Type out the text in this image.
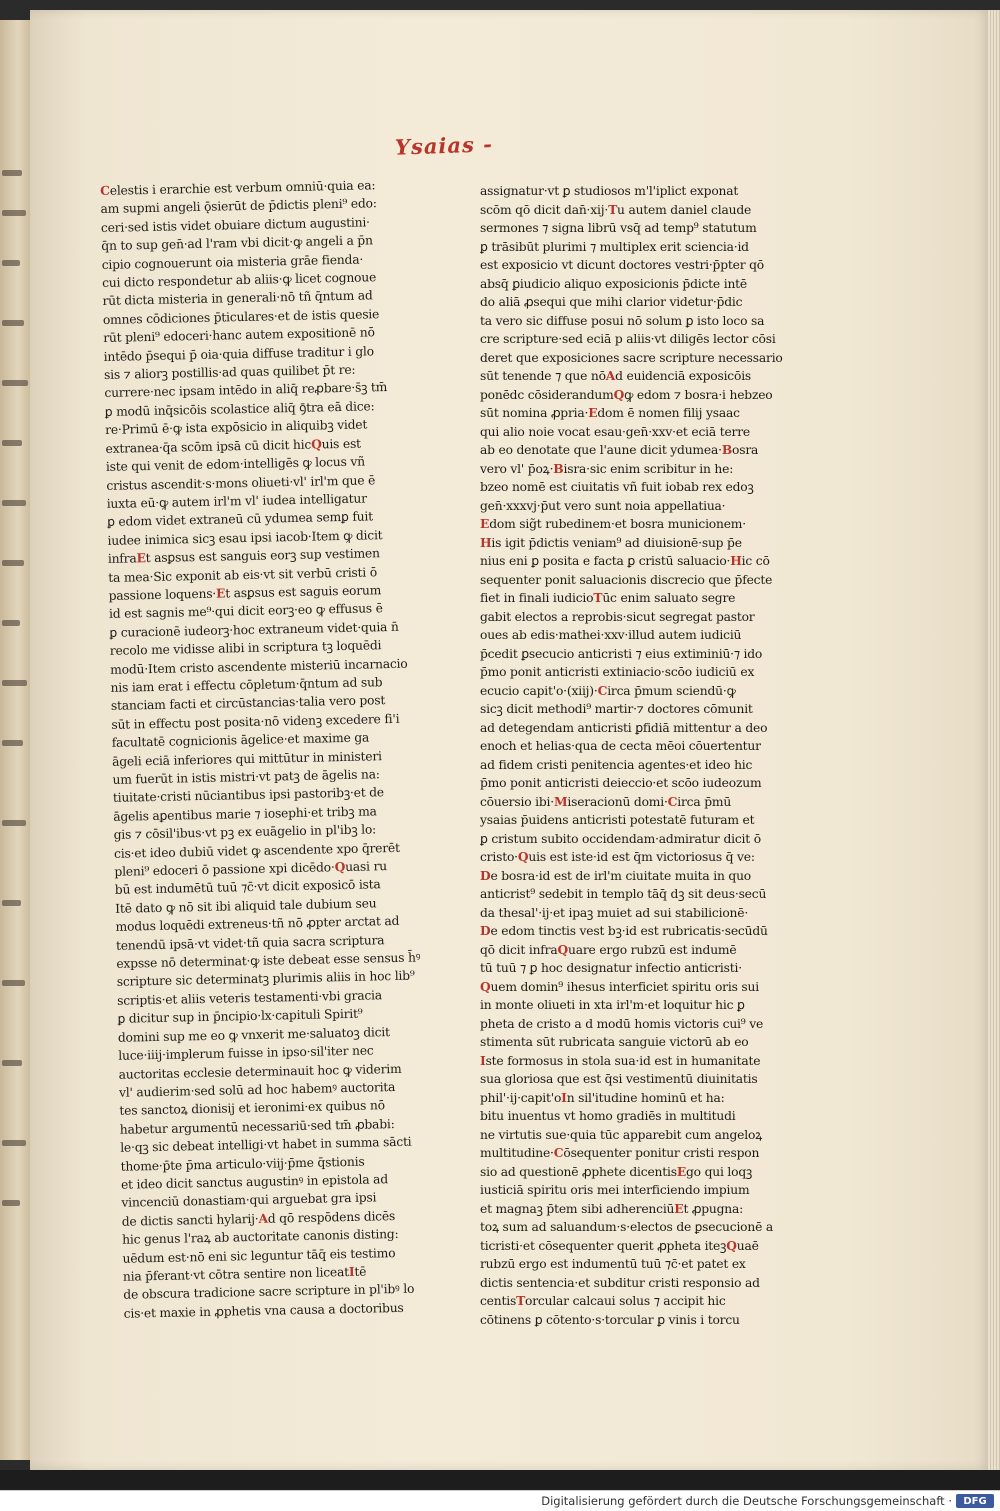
Ysaias -
Celestis i erarchie est verbum omniū·quia ea:
am supmi angeli ǭsierūt de p̄dictis pleni⁹ edo:
ceri·sed istis videt obuiare dictum augustini·
q̄n to sup gen̄·ad l'ram vbi dicit·ꝙ angeli a p̄n
cipio cognouerunt oia misteria grāe fienda·
cui dicto respondetur ab aliis·ꝙ licet cognoue
rūt dicta misteria in generali·nō tñ q̄ntum ad
omnes cōdiciones p̄ticulares·et de istis quesie
rūt pleni⁹ edoceri·hanc autem expositionē nō
intēdo p̄sequi p̄ oia·quia diffuse traditur i glo
sis ⁊ aliorꝫ postillis·ad quas quilibet p̄t re:
currere·nec ipsam intēdo in aliq̄ reꝓbare·s̄ꝫ tm̄
ꝑ modū inq̄sicōis scolastice aliq̄ ꝯ̄tra eā dice:
re·Primū ē·ꝙ ista expōsicio in aliquibꝫ videt
extranea·q̄a scōm ipsā cū dicit hicQuis est
iste qui venit de edom·intelligēs ꝙ locus vñ
cristus ascendit·s·mons oliueti·vl' irl'm que ē
iuxta eū·ꝙ autem irl'm vl' iudea intelligatur
ꝑ edom videt extraneū cū ydumea semꝑ fuit
iudee inimica sicꝫ esau ipsi iacob·Item ꝙ dicit
infraEt asꝑsus est sanguis eorꝫ sup vestimen
ta mea·Sic exponit ab eis·vt sit verbū cristi ō
passione loquens·Et asꝑsus est saguis eorum
id est sagnis me⁹·qui dicit eorꝫ·eo ꝙ effusus ē
ꝑ curacionē iudeorꝫ·hoc extraneum videt·quia n̄
recolo me vidisse alibi in scriptura tꝫ loquēdi
modū·Item cristo ascendente misteriū incarnacio
nis iam erat i effectu cōpletum·q̄ntum ad sub
stanciam facti et circūstancias·talia vero post
sūt in effectu post posita·nō videnꝫ excedere fi'i
facultatē cognicionis āgelice·et maxime ga
āgeli eciā inferiores qui mittūtur in ministeri
um fuerūt in istis mistri·vt patꝫ de āgelis na:
tiuitate·cristi nūciantibus ipsi pastoribꝫ·et de
āgelis aꝑentibus marie ⁊ iosephi·et tribꝫ ma
gis ⁊ cōsil'ibus·vt pꝫ ex euāgelio in pl'ibꝫ lo:
cis·et ideo dubiū videt ꝙ ascendente xpo q̄rerēt
pleni⁹ edoceri ō passione xpi dicēdo·Quasi ru
bū est indumētū tuū ⁊c̄·vt dicit exposicō ista
Itē dato ꝙ nō sit ibi aliquid tale dubium seu
modus loquēdi extreneus·tñ nō ꝓpter arctat ad
tenendū ipsā·vt videt·tñ quia sacra scriptura
expsse nō determinat·ꝙ iste debeat esse sensus h̄ꝰ
scripture sic determinatꝫ plurimis aliis in hoc lib⁹
scriptis·et aliis veteris testamenti·vbi gracia
ꝑ dicitur sup in p̄ncipio·lx·capituli Spirit⁹
domini sup me eo ꝙ vnxerit me·saluatoꝫ dicit
luce·iiij·implerum fuisse in ipso·sil'iter nec
auctoritas ecclesie determinauit hoc ꝙ viderim
vl' audierim·sed solū ad hoc habemꝰ auctorita
tes sanctoꝝ dionisij et ieronimi·ex quibus nō
habetur argumentū necessariū·sed tm̄ ꝓbabi:
le·qꝫ sic debeat intelligi·vt habet in summa sācti
thome·p̄te p̄ma articulo·viij·p̄me q̄stionis
et ideo dicit sanctus augustinꝰ in epistola ad
vincenciū donastiam·qui arguebat gra ipsi
de dictis sancti hylarij·Ad qō respōdens dicēs
hic genus l'raꝝ ab auctoritate canonis disting:
uēdum est·nō eni sic leguntur tāq̄ eis testimo
nia p̄ferant·vt cōtra sentire non liceatItē
de obscura tradicione sacre scripture in pl'ibꝰ lo
cis·et maxie in ꝓphetis vna causa a doctoribus
assignatur·vt ꝑ studiosos m'l'iplict exponat
scōm qō dicit dan̄·xij·Tu autem daniel claude
sermones ⁊ signa librū vsq̄ ad temp⁹ statutum
ꝑ trāsibūt plurimi ⁊ multiplex erit sciencia·id
est exposicio vt dicunt doctores vestri·p̄pter qō
absq̄ ꝑiudicio aliquo exposicionis p̄dicte intē
do aliā ꝓsequi que mihi clarior videtur·p̄dic
ta vero sic diffuse posui nō solum ꝑ isto loco sa
cre scripture·sed eciā p aliis·vt diligēs lector cōsi
deret que exposiciones sacre scripture necessario
sūt tenende ⁊ que nōAd euidenciā exposicōis
ponēdc cōsiderandumQꝙ edom ⁊ bosra·i hebzeo
sūt nomina ꝓpria·Edom ē nomen filij ysaac
qui alio noie vocat esau·gen̄·xxv·et eciā terre
ab eo denotate que l'aune dicit ydumea·Bosra
vero vl' p̄oꝝ·Bisra·sic enim scribitur in he:
bzeo nomē est ciuitatis vñ fuit iobab rex edoꝫ
gen̄·xxxvj·p̄ut vero sunt noia appellatiua·
Edom sig̃t rubedinem·et bosra municionem·
His igit p̄dictis veniam⁹ ad diuisionē·sup p̄e
nius eni ꝑ posita e facta ꝑ cristū saluacio·Hic cō
sequenter ponit saluacionis discrecio que p̄fecte
fiet in finali iudicioTūc enim saluato segre
gabit electos a reprobis·sicut segregat pastor
oues ab edis·mathei·xxv·illud autem iudiciū
p̄cedit ꝑsecucio anticristi ⁊ eius extiminiū·⁊ ido
p̄mo ponit anticristi extiniacio·scōo iudiciū ex
ecucio capit'o·(xiij)·Circa p̄mum sciendū·ꝙ
sicꝫ dicit methodi⁹ martir·⁊ doctores cōmunit
ad detegendam anticristi ꝑfidiā mittentur a deo
enoch et helias·qua de cecta mēoi cōuertentur
ad fidem cristi penitencia agentes·et ideo hic
p̄mo ponit anticristi deieccio·et scōo iudeozum
cōuersio ibi·Miseracionū domi·Circa p̄mū
ysaias p̄uidens anticristi potestatē futuram et
ꝑ cristum subito occidendam·admiratur dicit ō
cristo·Quis est iste·id est q̄m victoriosus q̄ ve:
De bosra·id est de irl'm ciuitate muita in quo
anticrist⁹ sedebit in templo tāq̄ dꝫ sit deus·secū
da thesal'·ij·et ipaꝫ muiet ad sui stabilicionē·
De edom tinctis vest bꝫ·id est rubricatis·secūdū
qō dicit infraQuare ergo rubzū est indumē
tū tuū ⁊ ꝑ hoc designatur infectio anticristi·
Quem domin⁹ ihesus interficiet spiritu oris sui
in monte oliueti in xta irl'm·et loquitur hic ꝑ
pheta de cristo a d modū homis victoris cui⁹ ve
stimenta sūt rubricata sanguie victorū ab eo
Iste formosus in stola sua·id est in humanitate
sua gloriosa que est q̄si vestimentū diuinitatis
phil'·ij·capit'oIn sil'itudine hominū et ha:
bitu inuentus vt homo gradiēs in multitudi
ne virtutis sue·quia tūc apparebit cum angeloꝝ
multitudine·Cōsequenter ponitur cristi respon
sio ad questionē ꝓphete dicentisEgo qui loqꝫ
iusticiā spiritu oris mei interficiendo impium
et magnaꝫ p̄tem sibi adherenciūEt ꝓpugna:
toꝝ sum ad saluandum·s·electos de ꝑsecucionē a
ticristi·et cōsequenter querit ꝓpheta iteꝫQuaē
rubzū ergo est indumentū tuū ⁊c̄·et patet ex
dictis sentencia·et subditur cristi responsio ad
centisTorcular calcaui solus ⁊ accipit hic
cōtinens ꝑ cōtento·s·torcular ꝑ vinis i torcu

Digitalisierung gefördert durch die Deutsche Forschungsgemeinschaft ·	DFG
